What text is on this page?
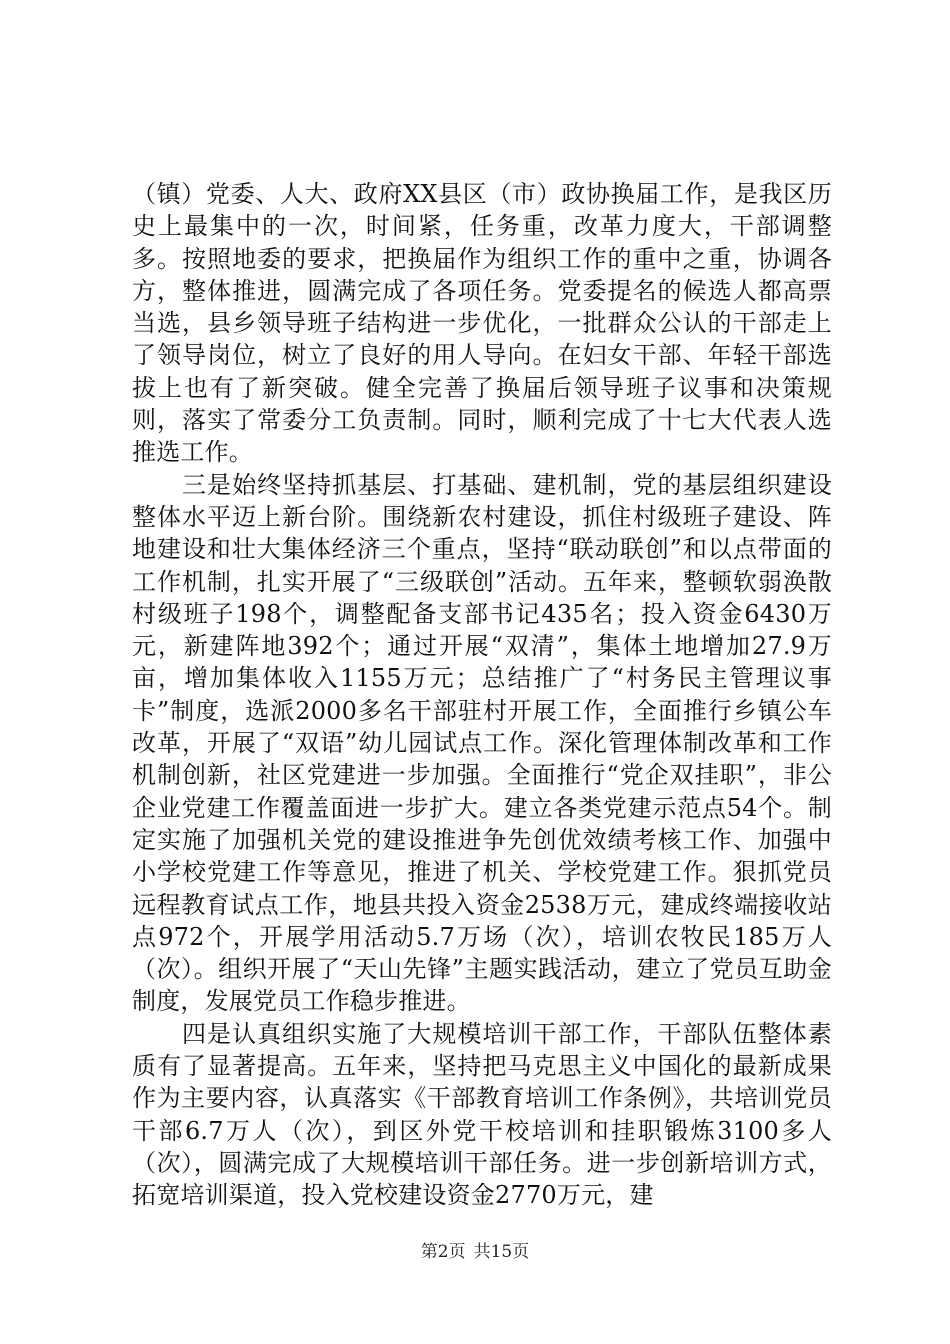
（镇）党委、人大、政府XX县区（市）政协换届工作，是我区历史上最集中的一次，时间紧，任务重，改革力度大，干部调整多。按照地委的要求，把换届作为组织工作的重中之重，协调各方，整体推进，圆满完成了各项任务。党委提名的候选人都高票当选，县乡领导班子结构进一步优化，一批群众公认的干部走上了领导岗位，树立了良好的用人导向。在妇女干部、年轻干部选拔上也有了新突破。健全完善了换届后领导班子议事和决策规则，落实了常委分工负责制。同时，顺利完成了十七大代表人选推选工作。

三是始终坚持抓基层、打基础、建机制，党的基层组织建设整体水平迈上新台阶。围绕新农村建设，抓住村级班子建设、阵地建设和壮大集体经济三个重点，坚持“联动联创”和以点带面的工作机制，扎实开展了“三级联创”活动。五年来，整顿软弱涣散村级班子198个，调整配备支部书记435名；投入资金6430万元，新建阵地392个；通过开展“双清”，集体土地增加27.9万亩，增加集体收入1155万元；总结推广了“村务民主管理议事卡”制度，选派2000多名干部驻村开展工作，全面推行乡镇公车改革，开展了“双语”幼儿园试点工作。深化管理体制改革和工作机制创新，社区党建进一步加强。全面推行“党企双挂职”，非公企业党建工作覆盖面进一步扩大。建立各类党建示范点54个。制定实施了加强机关党的建设推进争先创优效绩考核工作、加强中小学校党建工作等意见，推进了机关、学校党建工作。狠抓党员远程教育试点工作，地县共投入资金2538万元，建成终端接收站点972个，开展学用活动5.7万场（次），培训农牧民185万人（次）。组织开展了“天山先锋”主题实践活动，建立了党员互助金制度，发展党员工作稳步推进。

四是认真组织实施了大规模培训干部工作，干部队伍整体素质有了显著提高。五年来，坚持把马克思主义中国化的最新成果作为主要内容，认真落实《干部教育培训工作条例》，共培训党员干部6.7万人（次），到区外党干校培训和挂职锻炼3100多人（次），圆满完成了大规模培训干部任务。进一步创新培训方式，拓宽培训渠道，投入党校建设资金2770万元，建

第2页 共15页
